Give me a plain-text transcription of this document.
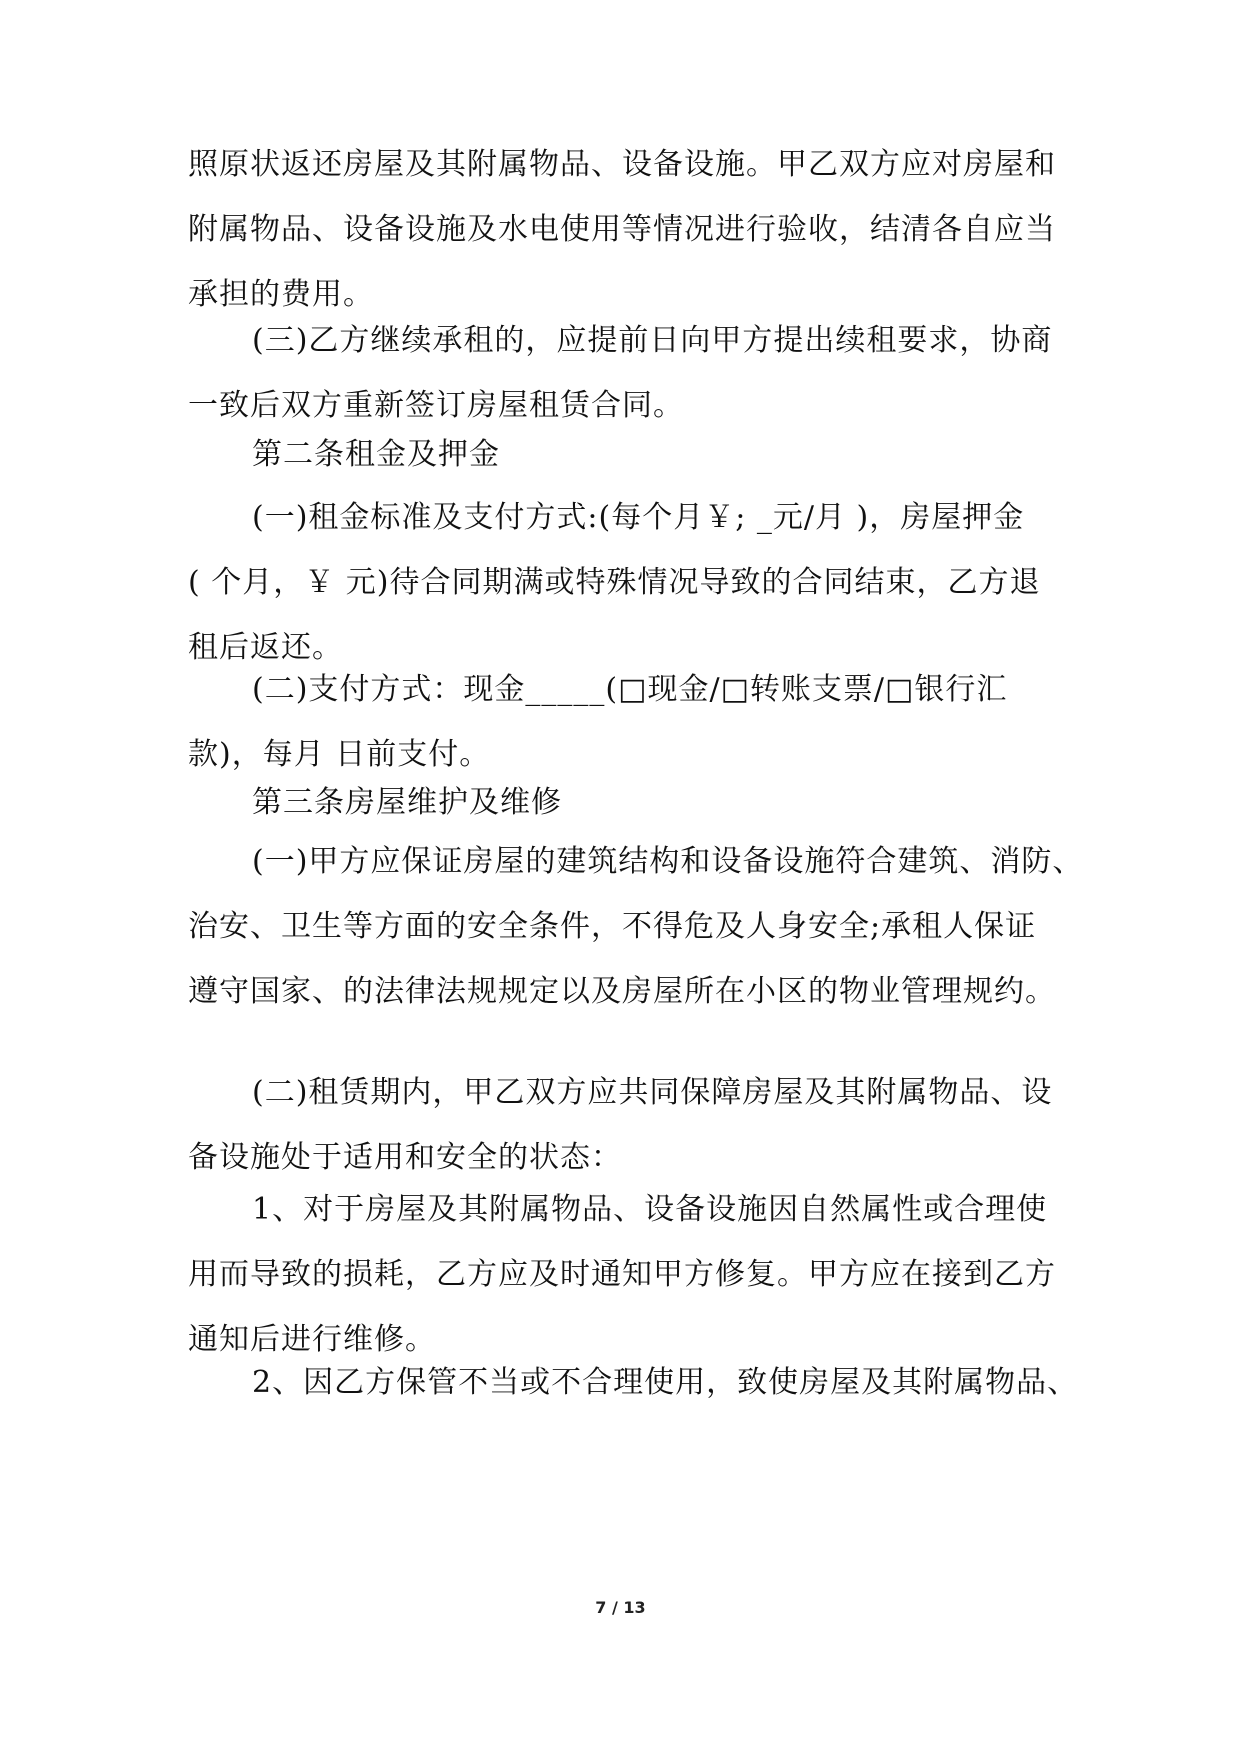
照原状返还房屋及其附属物品、设备设施。甲乙双方应对房屋和
附属物品、设备设施及水电使用等情况进行验收，结清各自应当
承担的费用。
(三)乙方继续承租的，应提前日向甲方提出续租要求，协商
一致后双方重新签订房屋租赁合同。
第二条租金及押金
(一)租金标准及支付方式:(每个月￥; _元/月 )，房屋押金
( 个月，￥ 元)待合同期满或特殊情况导致的合同结束，乙方退
租后返还。
(二)支付方式：现金_____(□现金/□转账支票/□银行汇
款)，每月 日前支付。
第三条房屋维护及维修
(一)甲方应保证房屋的建筑结构和设备设施符合建筑、消防、
治安、卫生等方面的安全条件，不得危及人身安全;承租人保证
遵守国家、的法律法规规定以及房屋所在小区的物业管理规约。
(二)租赁期内，甲乙双方应共同保障房屋及其附属物品、设
备设施处于适用和安全的状态：
1、对于房屋及其附属物品、设备设施因自然属性或合理使
用而导致的损耗，乙方应及时通知甲方修复。甲方应在接到乙方
通知后进行维修。
2、因乙方保管不当或不合理使用，致使房屋及其附属物品、
7 / 13
